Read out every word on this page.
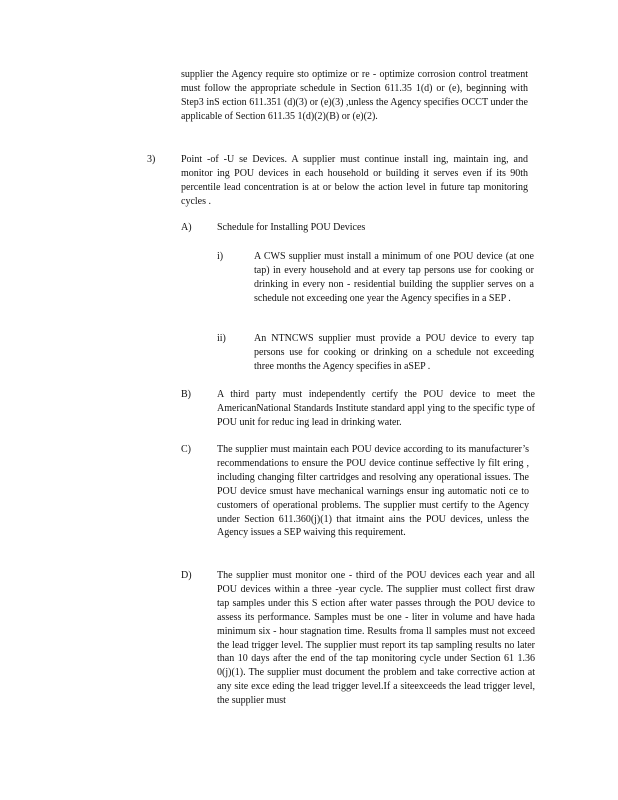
supplier the Agency require sto optimize or re - optimize corrosion control treatment must follow the appropriate schedule in Section 611.35 1(d) or (e), beginning with Step3 inS ection 611.351 (d)(3) or (e)(3) ,unless the Agency specifies OCCT under the applicable of Section 611.35 1(d)(2)(B) or (e)(2).
3)	Point -of -U se Devices. A supplier must continue install ing, maintain ing, and monitor ing POU devices in each household or building it serves even if its 90th percentile lead concentration is at or below the action level in future tap monitoring cycles .
A)	Schedule for Installing POU Devices
i)	A CWS supplier must install a minimum of one POU device (at one tap) in every household and at every tap persons use for cooking or drinking in every non - residential building the supplier serves on a schedule not exceeding one year the Agency specifies in a SEP .
ii)	An NTNCWS supplier must provide a POU device to every tap persons use for cooking or drinking on a schedule not exceeding three months the Agency specifies in aSEP .
B)	A third party must independently certify the POU device to meet the AmericanNational Standards Institute standard appl ying to the specific type of POU unit for reduc ing lead in drinking water.
C)	The supplier must maintain each POU device according to its manufacturer’s recommendations to ensure the POU device continue seffective ly filt ering , including changing filter cartridges and resolving any operational issues. The POU device smust have mechanical warnings ensur ing automatic noti ce to customers of operational problems. The supplier must certify to the Agency under Section 611.360(j)(1) that itmaint ains the POU devices, unless the Agency issues a SEP waiving this requirement.
D)	The supplier must monitor one - third of the POU devices each year and all POU devices within a three -year cycle. The supplier must collect first draw tap samples under this S ection after water passes through the POU device to assess its performance. Samples must be one - liter in volume and have hada minimum six - hour stagnation time. Results froma ll samples must not exceed the lead trigger level. The supplier must report its tap sampling results no later than 10 days after the end of the tap monitoring cycle under Section 61 1.36 0(j)(1). The supplier must document the problem and take corrective action at any site exce eding the lead trigger level.If a siteexceeds the lead trigger level, the supplier must
